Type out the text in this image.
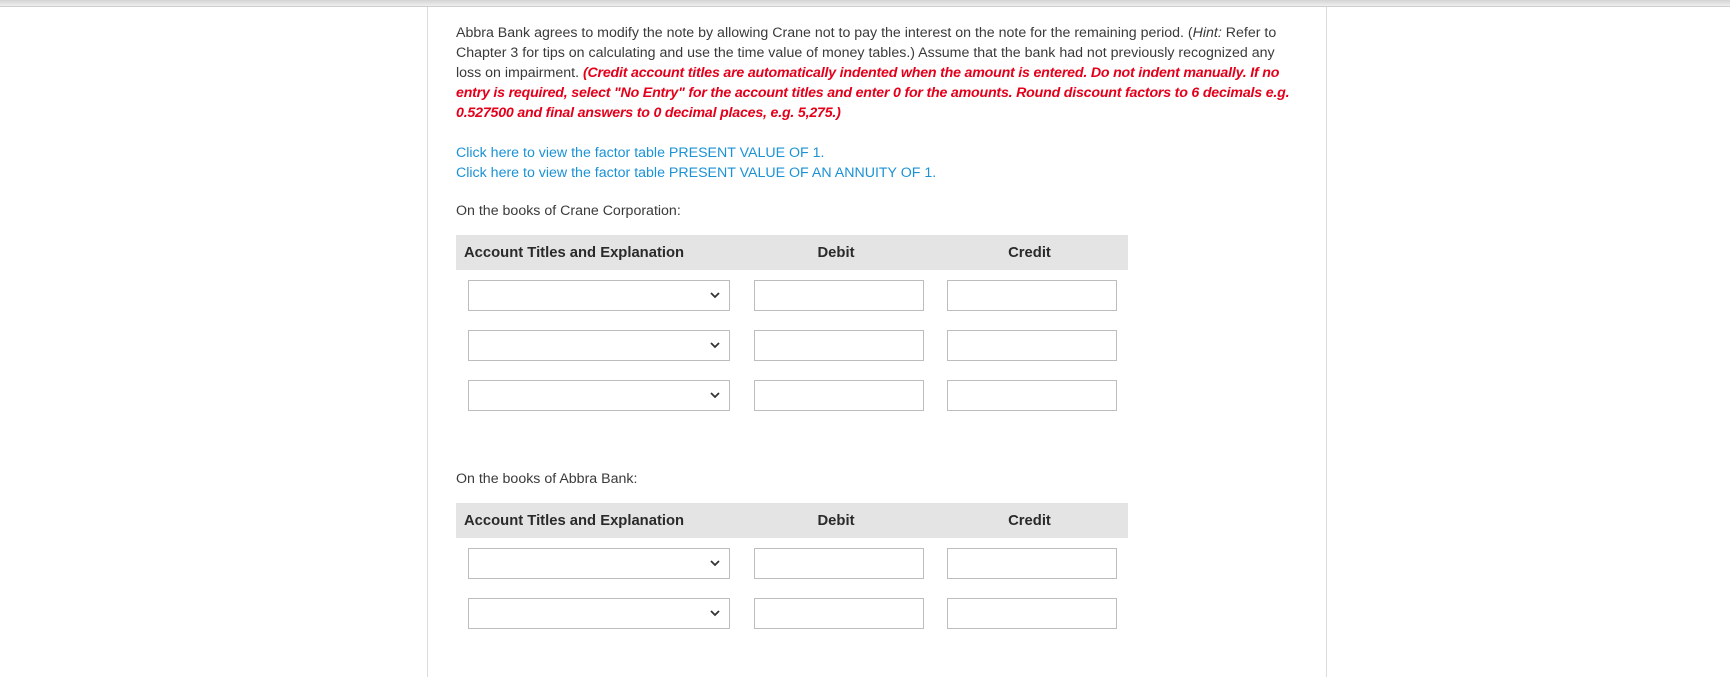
Abbra Bank agrees to modify the note by allowing Crane not to pay the interest on the note for the remaining period. (Hint: Refer to Chapter 3 for tips on calculating and use the time value of money tables.) Assume that the bank had not previously recognized any loss on impairment. (Credit account titles are automatically indented when the amount is entered. Do not indent manually. If no entry is required, select "No Entry" for the account titles and enter 0 for the amounts. Round discount factors to 6 decimals e.g. 0.527500 and final answers to 0 decimal places, e.g. 5,275.)

Click here to view the factor table PRESENT VALUE OF 1.
Click here to view the factor table PRESENT VALUE OF AN ANNUITY OF 1.

On the books of Crane Corporation:

Account Titles and Explanation	Debit	Credit

On the books of Abbra Bank:

Account Titles and Explanation	Debit	Credit
